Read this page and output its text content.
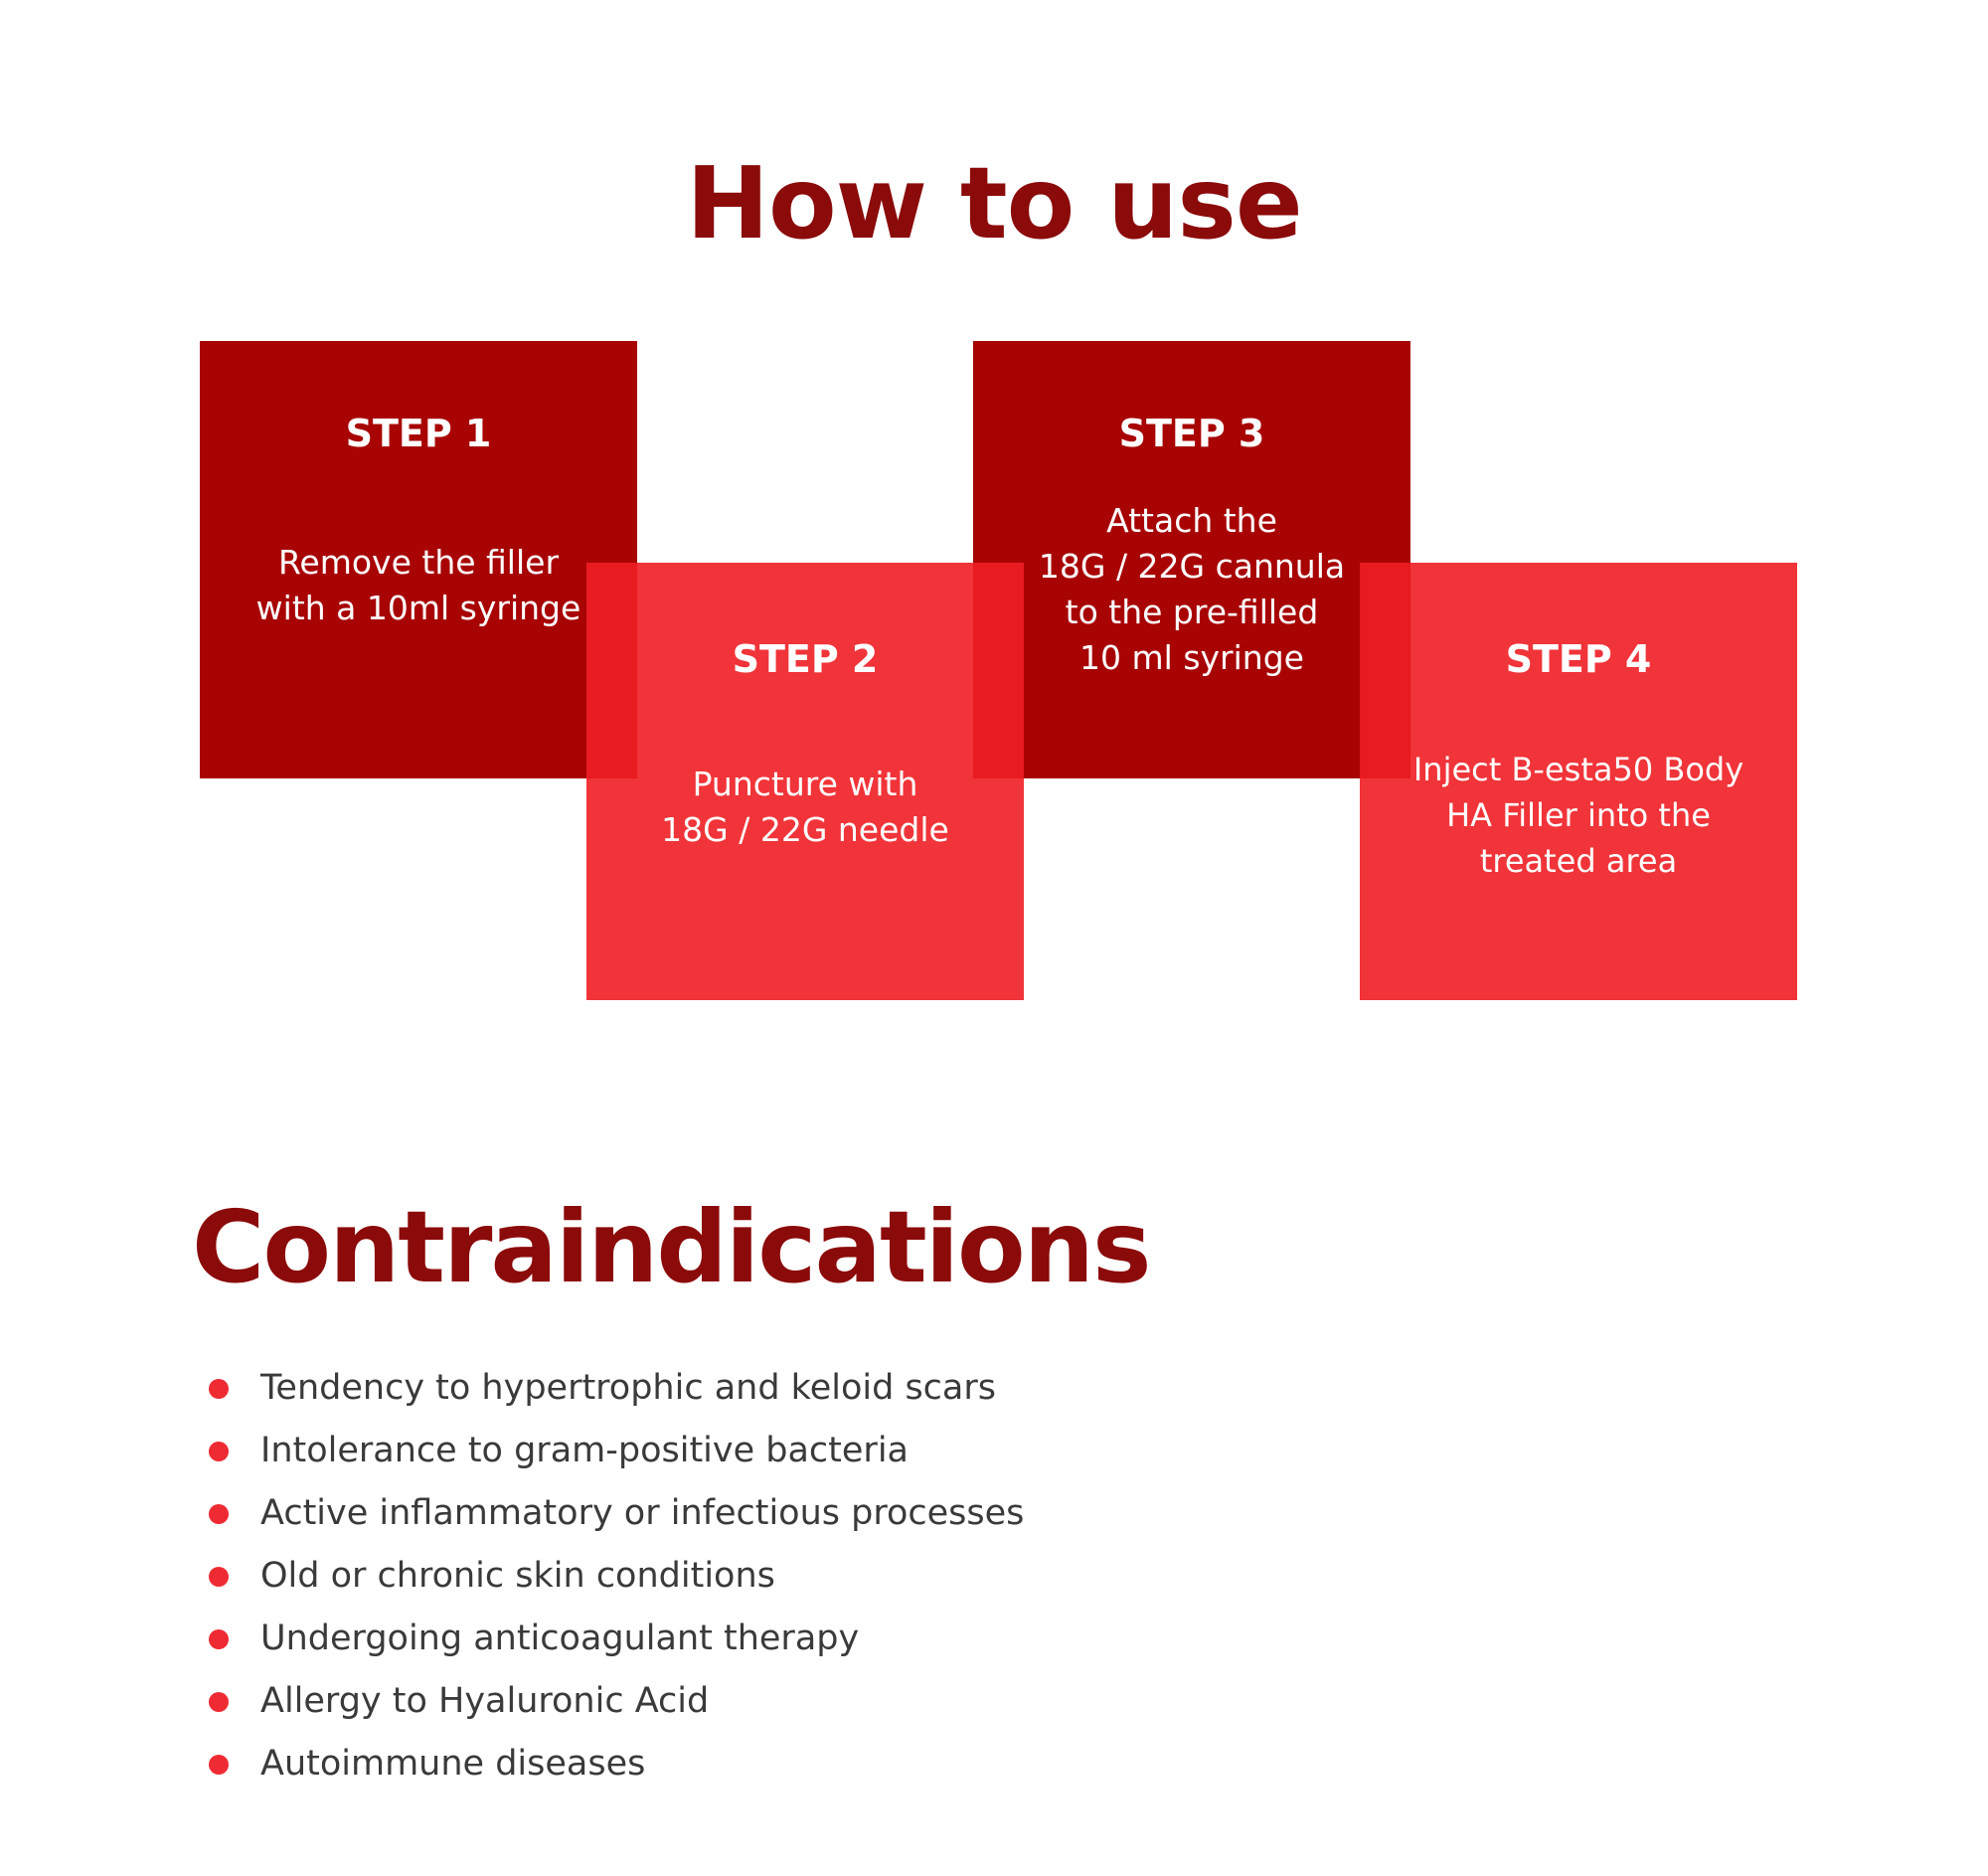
How to use
STEP 1
Remove the filler
with a 10ml syringe
STEP 3
Attach the
18G / 22G cannula
to the pre-filled
10 ml syringe
STEP 2
Puncture with
18G / 22G needle
STEP 4
Inject B-esta50 Body
HA Filler into the
treated area
Contraindications
Tendency to hypertrophic and keloid scars
Intolerance to gram-positive bacteria
Active inflammatory or infectious processes
Old or chronic skin conditions
Undergoing anticoagulant therapy
Allergy to Hyaluronic Acid
Autoimmune diseases
